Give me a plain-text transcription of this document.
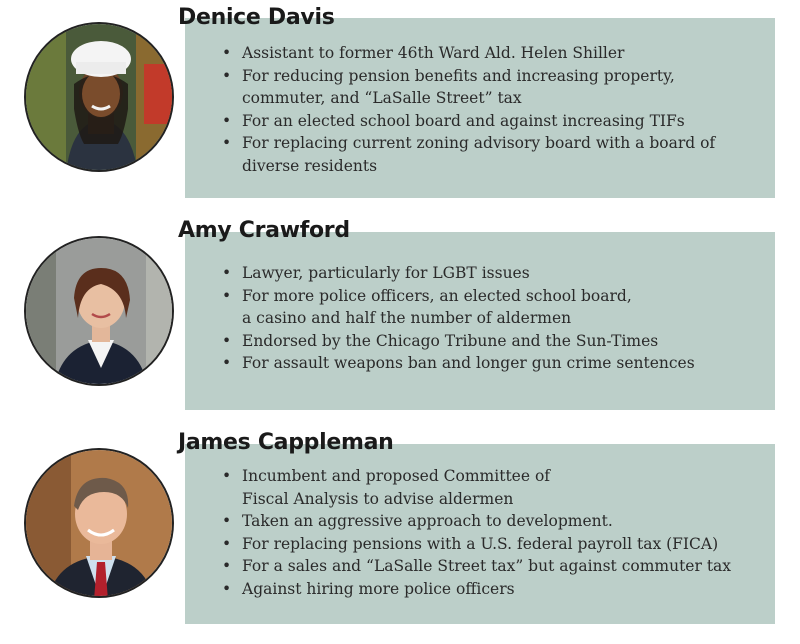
Denice Davis
• Assistant to former 46th Ward Ald. Helen Shiller
• For reducing pension benefits and increasing property, commuter, and “LaSalle Street” tax
• For an elected school board and against increasing TIFs
• For replacing current zoning advisory board with a board of diverse residents
Amy Crawford
• Lawyer, particularly for LGBT issues
• For more police officers, an elected school board, a casino and half the number of aldermen
• Endorsed by the Chicago Tribune and the Sun-Times
• For assault weapons ban and longer gun crime sentences
James Cappleman
• Incumbent and proposed Committee of Fiscal Analysis to advise aldermen
• Taken an aggressive approach to development.
• For replacing pensions with a U.S. federal payroll tax (FICA)
• For a sales and “LaSalle Street tax” but against commuter tax
• Against hiring more police officers
